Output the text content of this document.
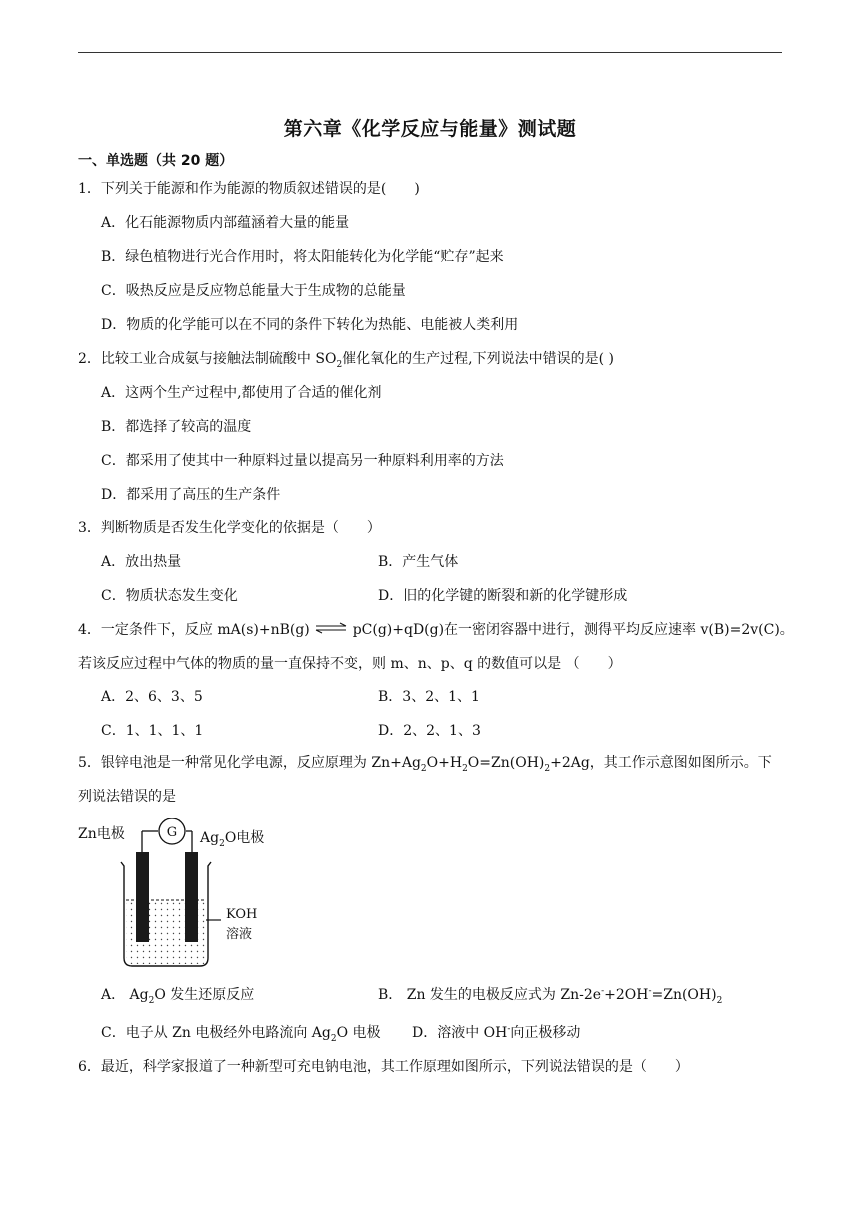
第六章《化学反应与能量》测试题
一、单选题（共 20 题）
1．下列关于能源和作为能源的物质叙述错误的是(　　)
A．化石能源物质内部蕴涵着大量的能量
B．绿色植物进行光合作用时，将太阳能转化为化学能“贮存”起来
C．吸热反应是反应物总能量大于生成物的总能量
D．物质的化学能可以在不同的条件下转化为热能、电能被人类利用
2．比较工业合成氨与接触法制硫酸中 $SO_2$催化氧化的生产过程,下列说法中错误的是( )
A．这两个生产过程中,都使用了合适的催化剂
B．都选择了较高的温度
C．都采用了使其中一种原料过量以提高另一种原料利用率的方法
D．都采用了高压的生产条件
3．判断物质是否发生化学变化的依据是（　　）
A．放出热量	B．产生气体
C．物质状态发生变化	D．旧的化学键的断裂和新的化学键形成
4．一定条件下，反应 mA(s)+nB(g) ⇌ pC(g)+qD(g)在一密闭容器中进行，测得平均反应速率 v(B)=2v(C)。
若该反应过程中气体的物质的量一直保持不变，则 m、n、p、q 的数值可以是 （　　）
A．2、6、3、5	B．3、2、1、1
C．1、1、1、1	D．2、2、1、3
5．银锌电池是一种常见化学电源，反应原理为 $Zn+Ag_2O+H_2O=Zn(OH)_2+2Ag$，其工作示意图如图所示。下
列说法错误的是
Zn电极	G $Ag_2O$电极
KOH
溶液
A． $Ag_2O$ 发生还原反应	B． Zn 发生的电极反应式为 $Zn-2e^-+2OH^-=Zn(OH)_2$
C．电子从 Zn 电极经外电路流向 $Ag_2O$ 电极 D．溶液中 OH-向正极移动
6．最近，科学家报道了一种新型可充电钠电池，其工作原理如图所示，下列说法错误的是（　　）
